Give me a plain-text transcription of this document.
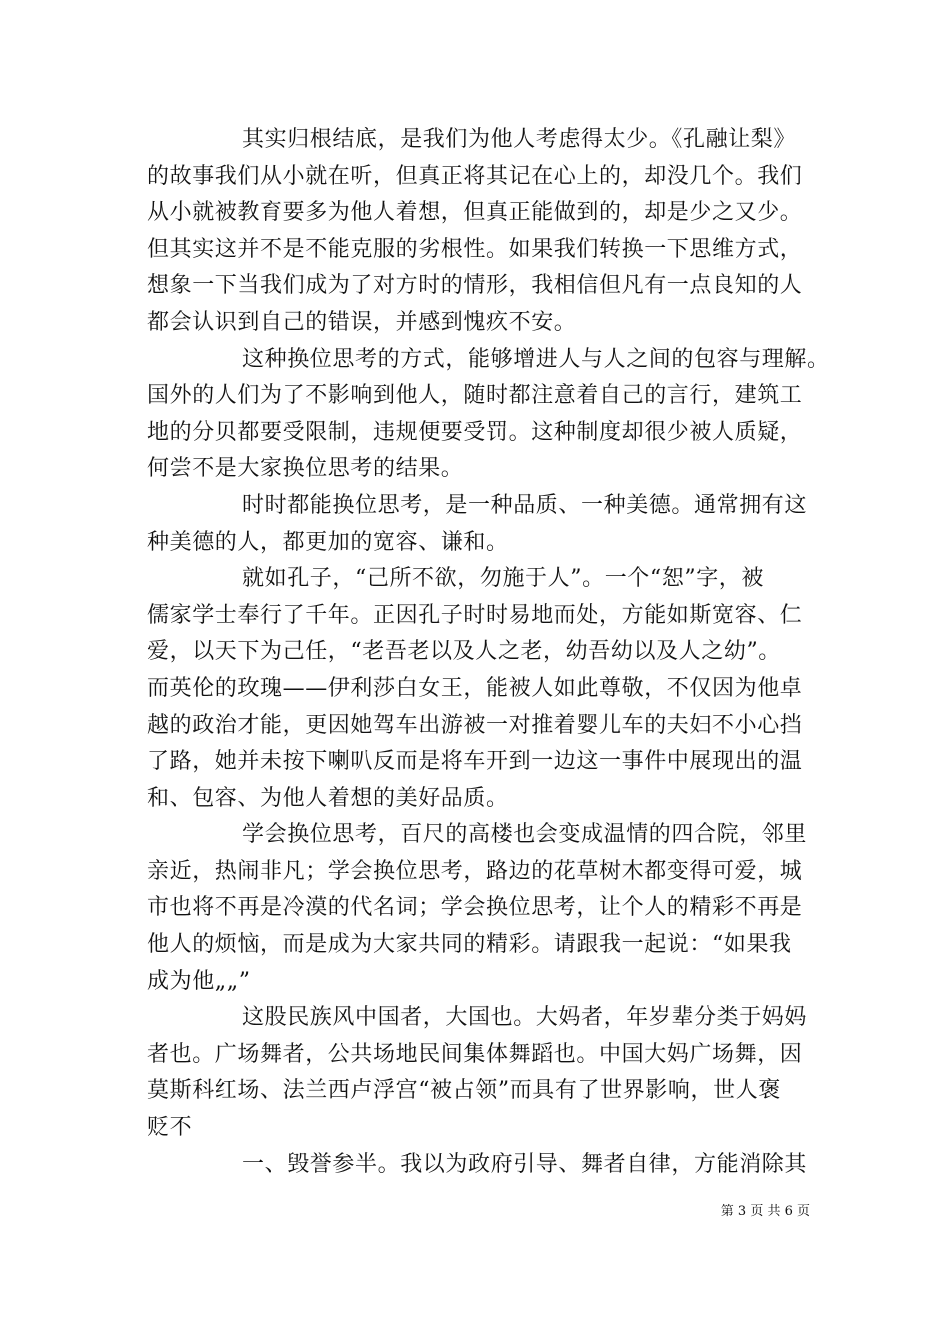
其实归根结底，是我们为他人考虑得太少。《孔融让梨》
的故事我们从小就在听，但真正将其记在心上的，却没几个。我们
从小就被教育要多为他人着想，但真正能做到的，却是少之又少。
但其实这并不是不能克服的劣根性。如果我们转换一下思维方式，
想象一下当我们成为了对方时的情形，我相信但凡有一点良知的人
都会认识到自己的错误，并感到愧疚不安。
这种换位思考的方式，能够增进人与人之间的包容与理解。
国外的人们为了不影响到他人，随时都注意着自己的言行，建筑工
地的分贝都要受限制，违规便要受罚。这种制度却很少被人质疑，
何尝不是大家换位思考的结果。
时时都能换位思考，是一种品质、一种美德。通常拥有这
种美德的人，都更加的宽容、谦和。
就如孔子，“己所不欲，勿施于人”。一个“恕”字，被
儒家学士奉行了千年。正因孔子时时易地而处，方能如斯宽容、仁
爱，以天下为己任，“老吾老以及人之老，幼吾幼以及人之幼”。
而英伦的玫瑰——伊利莎白女王，能被人如此尊敬，不仅因为他卓
越的政治才能，更因她驾车出游被一对推着婴儿车的夫妇不小心挡
了路，她并未按下喇叭反而是将车开到一边这一事件中展现出的温
和、包容、为他人着想的美好品质。
学会换位思考，百尺的高楼也会变成温情的四合院，邻里
亲近，热闹非凡；学会换位思考，路边的花草树木都变得可爱，城
市也将不再是冷漠的代名词；学会换位思考，让个人的精彩不再是
他人的烦恼，而是成为大家共同的精彩。请跟我一起说：“如果我
成为他„„”
这股民族风中国者，大国也。大妈者，年岁辈分类于妈妈
者也。广场舞者，公共场地民间集体舞蹈也。中国大妈广场舞，因
莫斯科红场、法兰西卢浮宫“被占领”而具有了世界影响，世人褒
贬不
一、毁誉参半。我以为政府引导、舞者自律，方能消除其
第 3 页 共 6 页
